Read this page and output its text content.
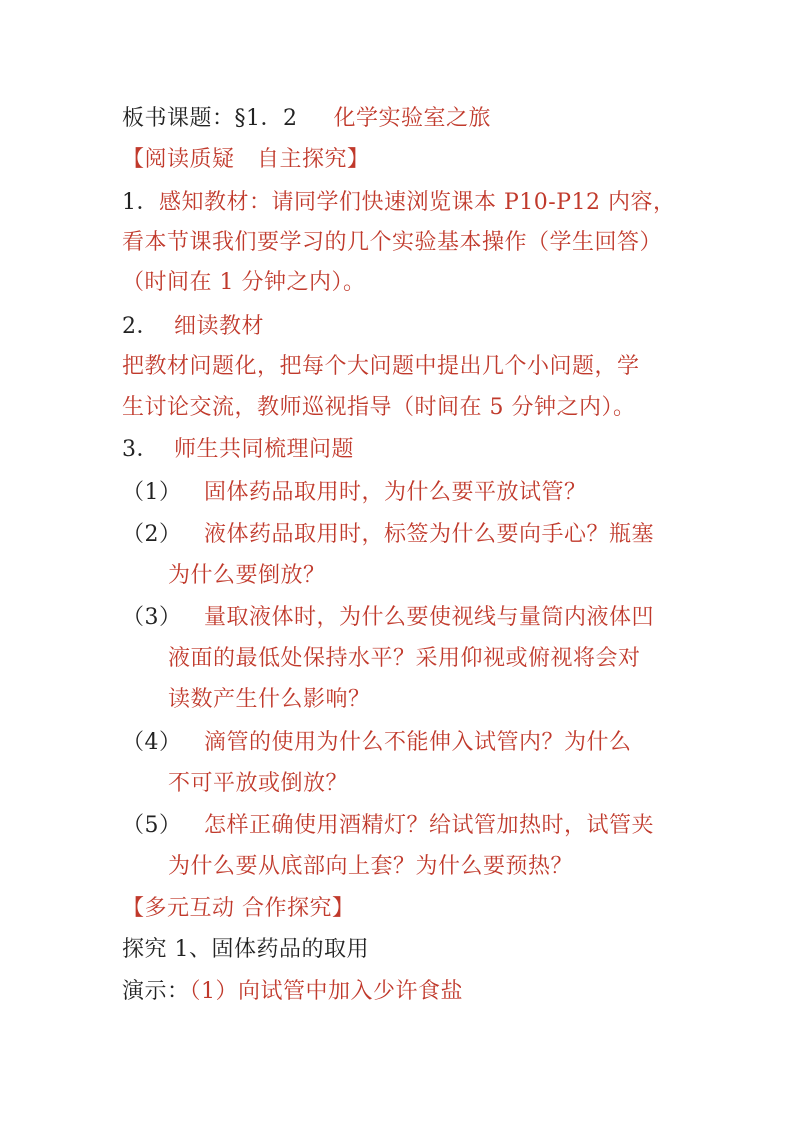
板书课题：§1．2 化学实验室之旅
【阅读质疑　自主探究】
1．感知教材：请同学们快速浏览课本 P10-P12 内容，
看本节课我们要学习的几个实验基本操作（学生回答）
（时间在 1 分钟之内）。
2． 细读教材
把教材问题化，把每个大问题中提出几个小问题，学
生讨论交流，教师巡视指导（时间在 5 分钟之内）。
3． 师生共同梳理问题
（1） 固体药品取用时，为什么要平放试管？
（2） 液体药品取用时，标签为什么要向手心？瓶塞
为什么要倒放？
（3） 量取液体时，为什么要使视线与量筒内液体凹
液面的最低处保持水平？采用仰视或俯视将会对
读数产生什么影响？
（4） 滴管的使用为什么不能伸入试管内？为什么
不可平放或倒放？
（5） 怎样正确使用酒精灯？给试管加热时，试管夹
为什么要从底部向上套？为什么要预热？
【多元互动 合作探究】
探究 1、固体药品的取用
演示：（1）向试管中加入少许食盐
